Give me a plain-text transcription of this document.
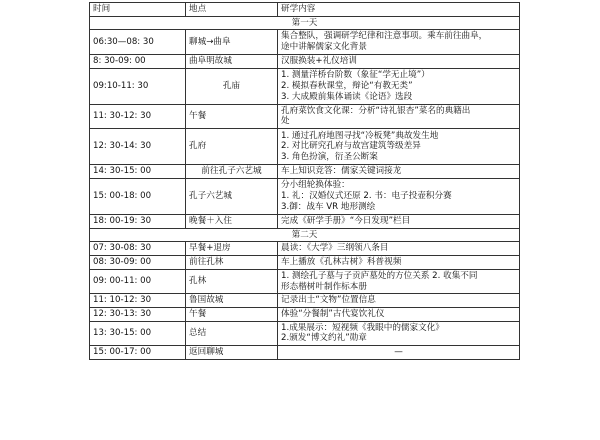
时间	地点	研学内容
第一天		
06:30—08: 30	聊城→曲阜	集合整队，强调研学纪律和注意事项。乘车前往曲阜，
途中讲解儒家文化背景

8: 30-09: 00	曲阜明故城	汉服换装+礼仪培训

09:10-11: 30	孔庙	1. 测量洋桥台阶数（象征“学无止境”）
2. 模拟春秋课堂，辩论“有教无类”
3. 大成殿前集体诵读《论语》选段

11: 30-12: 30	午餐	孔府菜饮食文化课：分析“诗礼银杏”菜名的典籍出
处

12: 30-14: 30	孔府	1. 通过孔府地图寻找“冷板凳”典故发生地
2. 对比研究孔府与故宫建筑等级差异
3. 角色扮演，衍圣公断案

14: 30-15: 00	前往孔子六艺城	车上知识竞答：儒家关键词接龙

15: 00-18: 00	孔子六艺城	分小组轮换体验：
1. 礼：汉婚仪式还原 2. 书：电子投壶积分赛
3.御：战车 VR 地形测绘

18: 00-19: 30	晚餐＋入住	完成《研学手册》“今日发现”栏目

第二天		
07: 30-08: 30	早餐+退房	晨读：《大学》三纲领八条目

08: 30-09: 00	前往孔林	车上播放《孔林古树》科普视频

09: 00-11: 00	孔林	1. 测绘孔子墓与子贡庐墓处的方位关系 2. 收集不同
形态楷树叶制作标本册

11: 10-12: 30	鲁国故城	记录出土“文物”位置信息

12: 30-13: 30	午餐	体验“分餐制”古代宴饮礼仪

13: 30-15: 00	总结	1.成果展示：短视频《我眼中的儒家文化》
2.颁发“博文约礼”勋章

15: 00-17: 00	返回聊城	—
